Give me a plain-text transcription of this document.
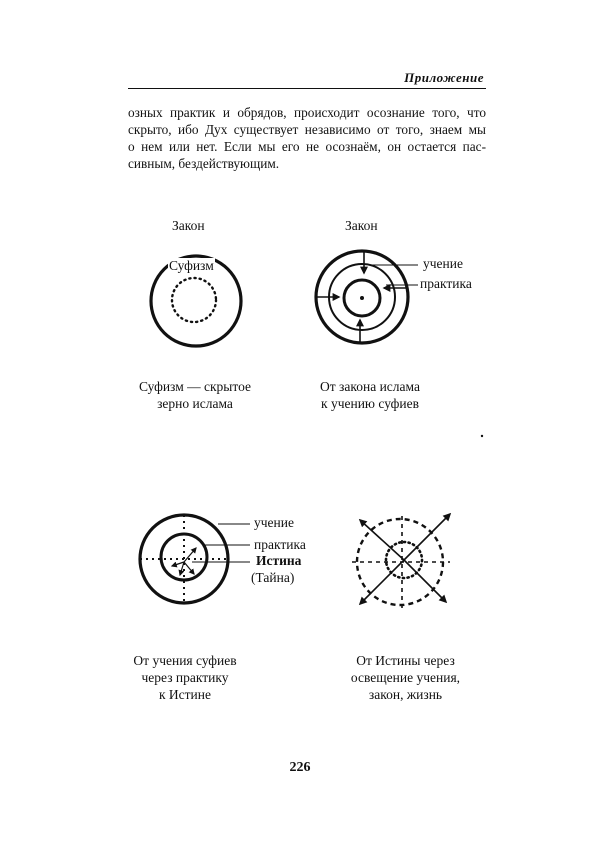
Приложение
озных практик и обрядов, происходит осознание того, что
скрыто, ибо Дух существует независимо от того, знаем мы
о нем или нет. Если мы его не осознаём, он остается пас-
сивным, бездействующим.
Закон
Суфизм
Суфизм — скрытое
зерно ислама
Закон
учение
практика
От закона ислама
к учению суфиев
учение
практика
Истина
(Тайна)
От учения суфиев
через практику
к Истине
От Истины через
освещение учения,
закон, жизнь
226
